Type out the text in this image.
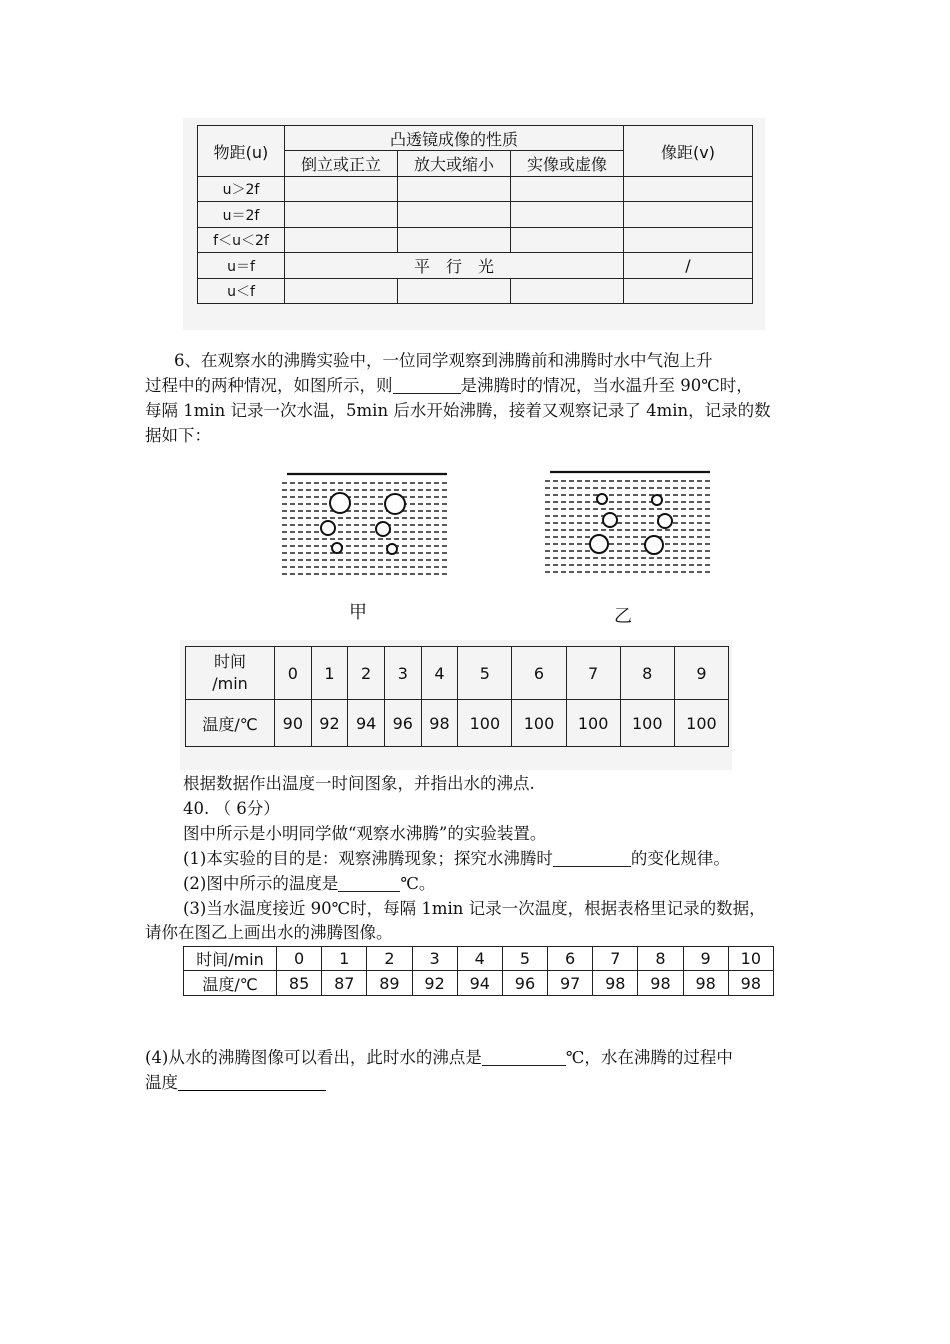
物距(u)	凸透镜成像的性质			像距(v)
	倒立或正立	放大或缩小	实像或虚像	
u＞2f				
u＝2f				
f＜u＜2f				
u＝f	平　行　光			/
u＜f				
6、在观察水的沸腾实验中，一位同学观察到沸腾前和沸腾时水中气泡上升
过程中的两种情况，如图所示，则	是沸腾时的情况，当水温升至 90℃时，
每隔 1min 记录一次水温，5min 后水开始沸腾，接着又观察记录了 4min，记录的数
据如下：
甲	乙
时间
/min	0	1	2	3	4	5	6	7	8	9
温度/℃	90	92	94	96	98	100	100	100	100	100
根据数据作出温度一时间图象，并指出水的沸点.
40. （ 6分）
图中所示是小明同学做“观察水沸腾”的实验装置。
(1)本实验的目的是：观察沸腾现象；探究水沸腾时	的变化规律。
(2)图中所示的温度是	℃。
(3)当水温度接近 90℃时，每隔 1min 记录一次温度，根据表格里记录的数据，
请你在图乙上画出水的沸腾图像。
时间/min	0	1	2	3	4	5	6	7	8	9	10
温度/℃	85	87	89	92	94	96	97	98	98	98	98
(4)从水的沸腾图像可以看出，此时水的沸点是	℃，水在沸腾的过程中
温度
